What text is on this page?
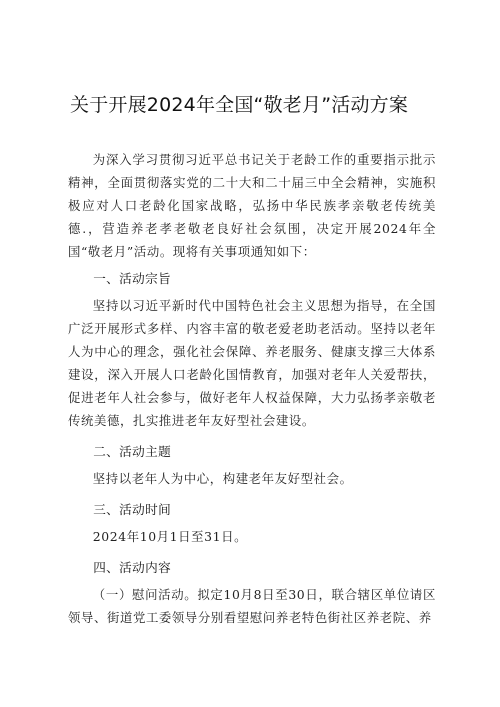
关于开展2024年全国“敬老月”活动方案

为深入学习贯彻习近平总书记关于老龄工作的重要指示批示精神，全面贯彻落实党的二十大和二十届三中全会精神，实施积极应对人口老龄化国家战略，弘扬中华民族孝亲敬老传统美德.，营造养老孝老敬老良好社会氛围，决定开展2024年全国“敬老月”活动。现将有关事项通知如下：

一、活动宗旨

坚持以习近平新时代中国特色社会主义思想为指导，在全国广泛开展形式多样、内容丰富的敬老爱老助老活动。坚持以老年人为中心的理念，强化社会保障、养老服务、健康支撑三大体系建设，深入开展人口老龄化国情教育，加强对老年人关爱帮扶，促进老年人社会参与，做好老年人权益保障，大力弘扬孝亲敬老传统美德，扎实推进老年友好型社会建设。

二、活动主题

坚持以老年人为中心，构建老年友好型社会。

三、活动时间

2024年10月1日至31日。

四、活动内容

（一）慰问活动。拟定10月8日至30日，联合辖区单位请区领导、街道党工委领导分别看望慰问养老特色街社区养老院、养
